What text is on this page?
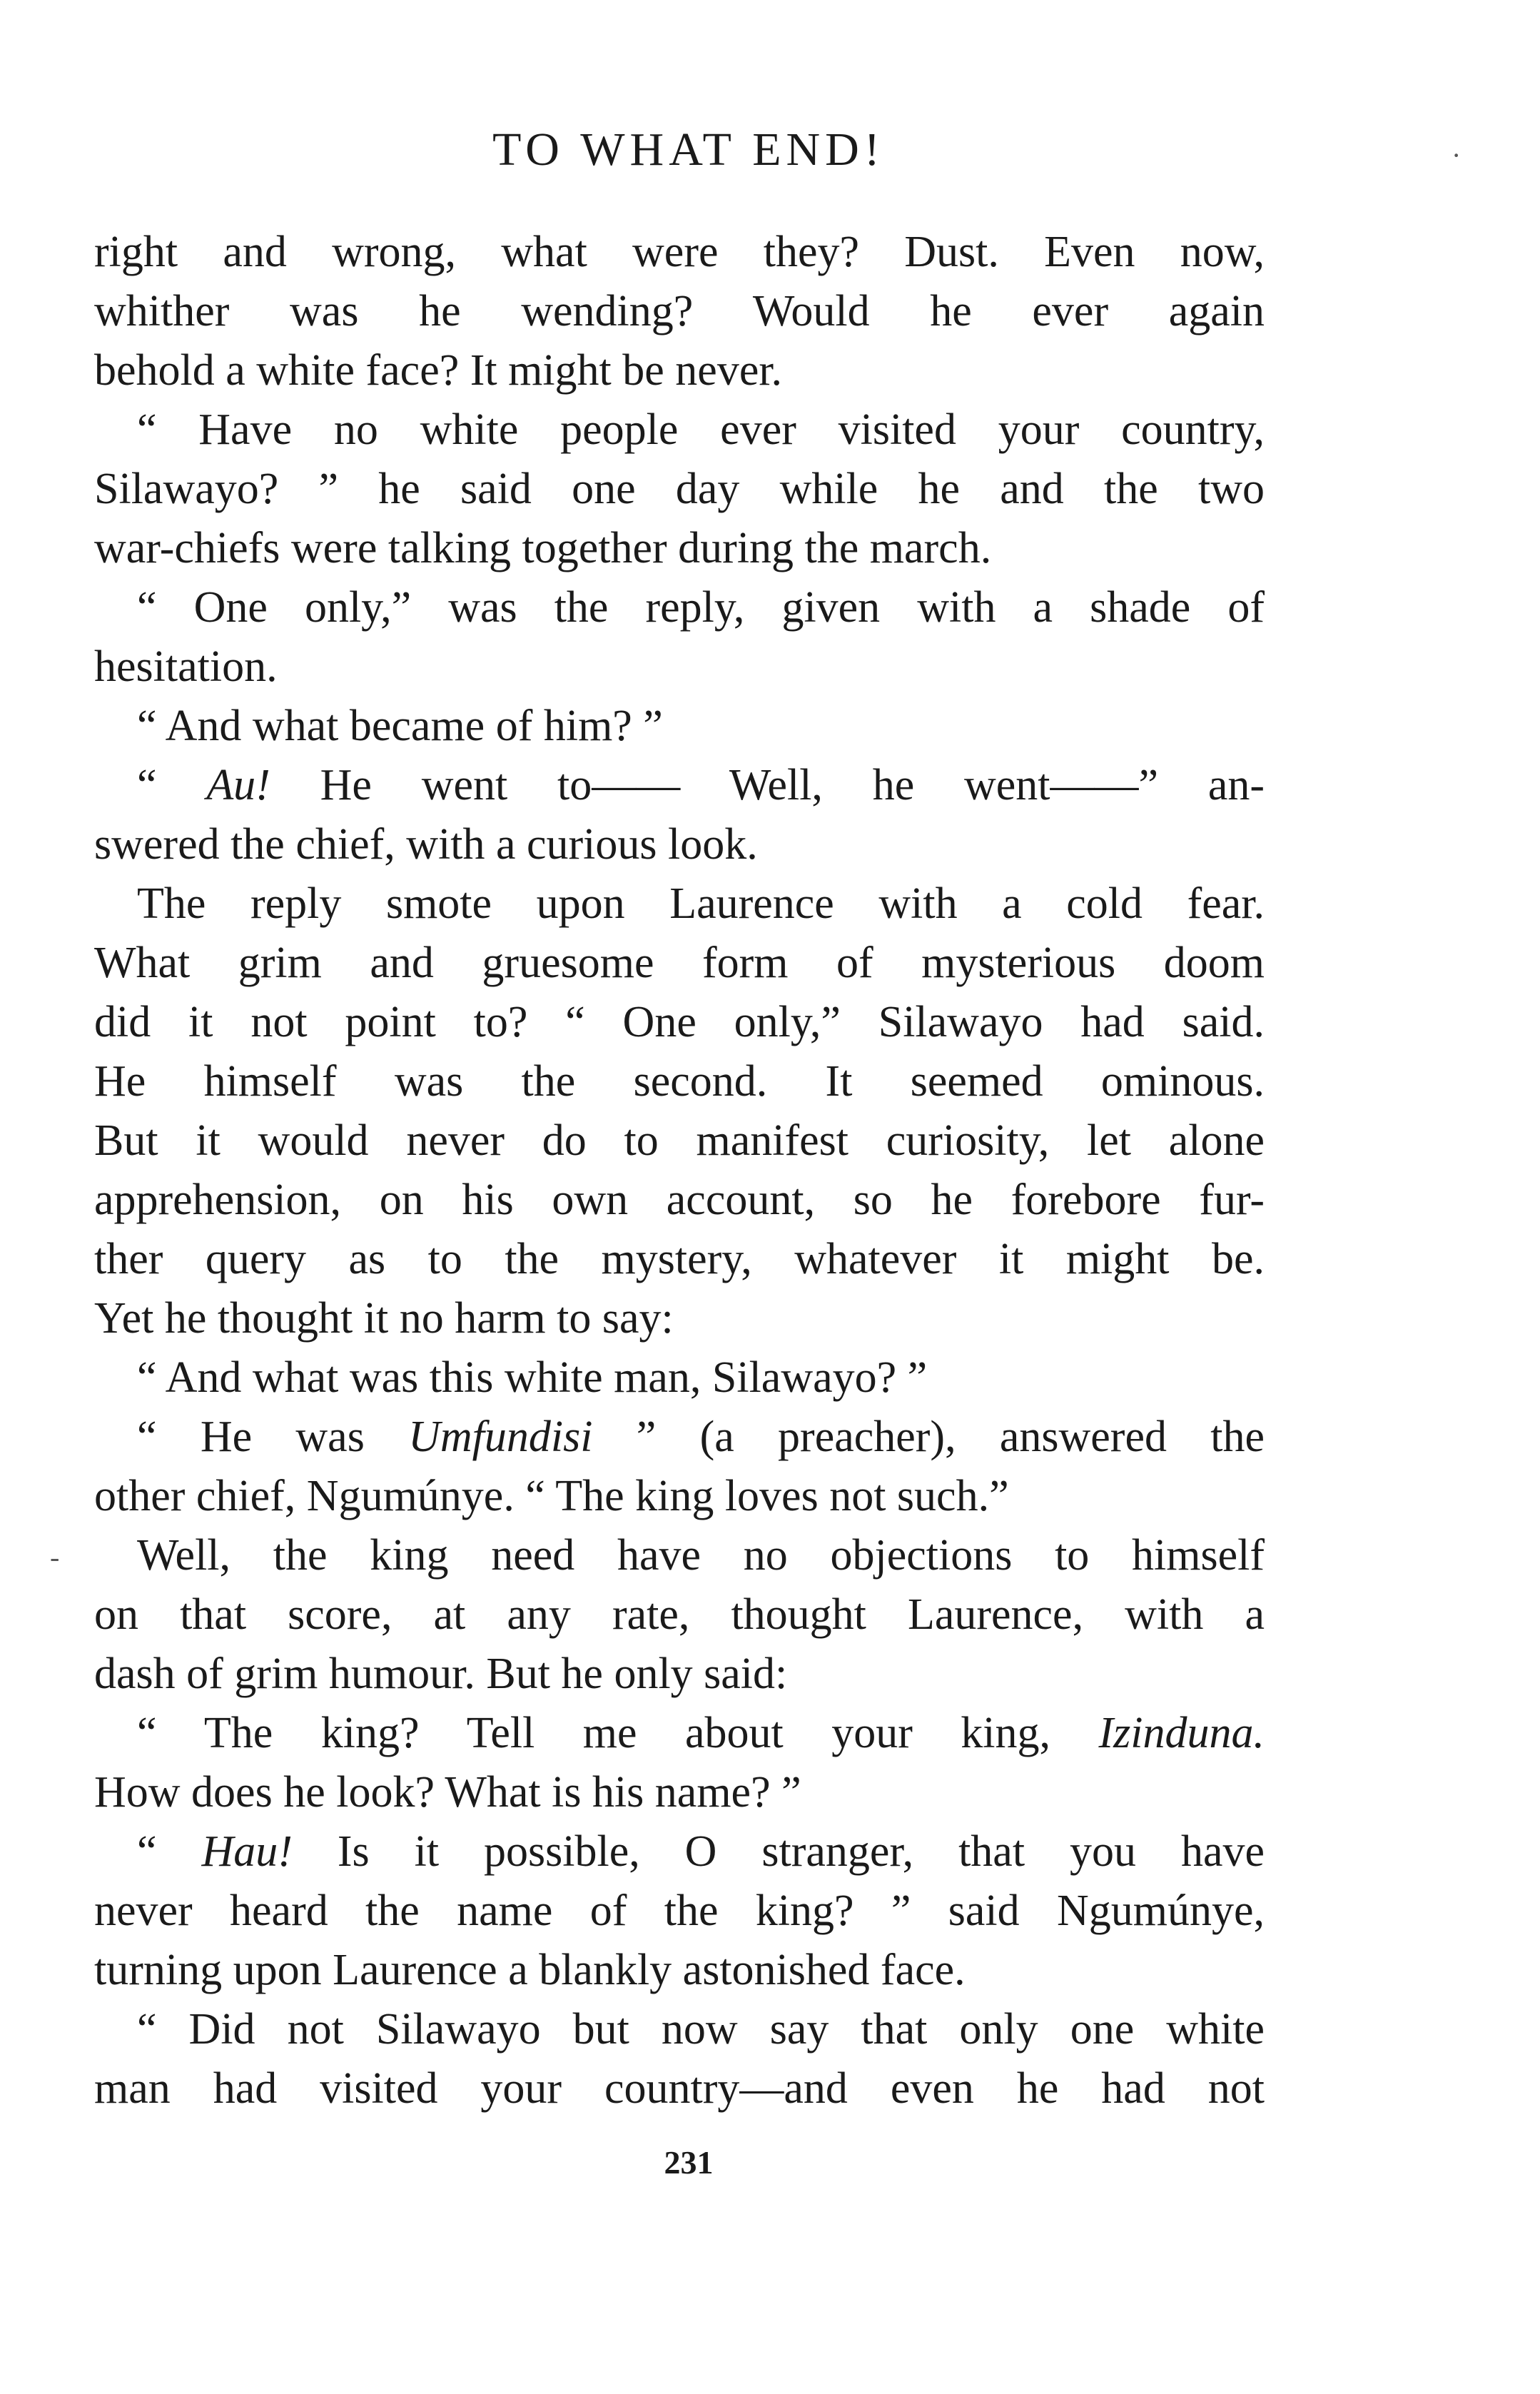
TO WHAT END!
right and wrong, what were they? Dust. Even now,
whither was he wending? Would he ever again
behold a white face? It might be never.
“ Have no white people ever visited your country,
Silawayo? ” he said one day while he and the two
war-chiefs were talking together during the march.
“ One only,” was the reply, given with a shade of
hesitation.
“ And what became of him? ”
“ Au! He went to—— Well, he went——” an-
swered the chief, with a curious look.
The reply smote upon Laurence with a cold fear.
What grim and gruesome form of mysterious doom
did it not point to? “ One only,” Silawayo had said.
He himself was the second. It seemed ominous.
But it would never do to manifest curiosity, let alone
apprehension, on his own account, so he forebore fur-
ther query as to the mystery, whatever it might be.
Yet he thought it no harm to say:
“ And what was this white man, Silawayo? ”
“ He was Umfundisi ” (a preacher), answered the
other chief, Ngumúnye. “ The king loves not such.”
Well, the king need have no objections to himself
on that score, at any rate, thought Laurence, with a
dash of grim humour. But he only said:
“ The king? Tell me about your king, Izinduna.
How does he look? What is his name? ”
“ Hau! Is it possible, O stranger, that you have
never heard the name of the king? ” said Ngumúnye,
turning upon Laurence a blankly astonished face.
“ Did not Silawayo but now say that only one white
man had visited your country—and even he had not
231
·
-
